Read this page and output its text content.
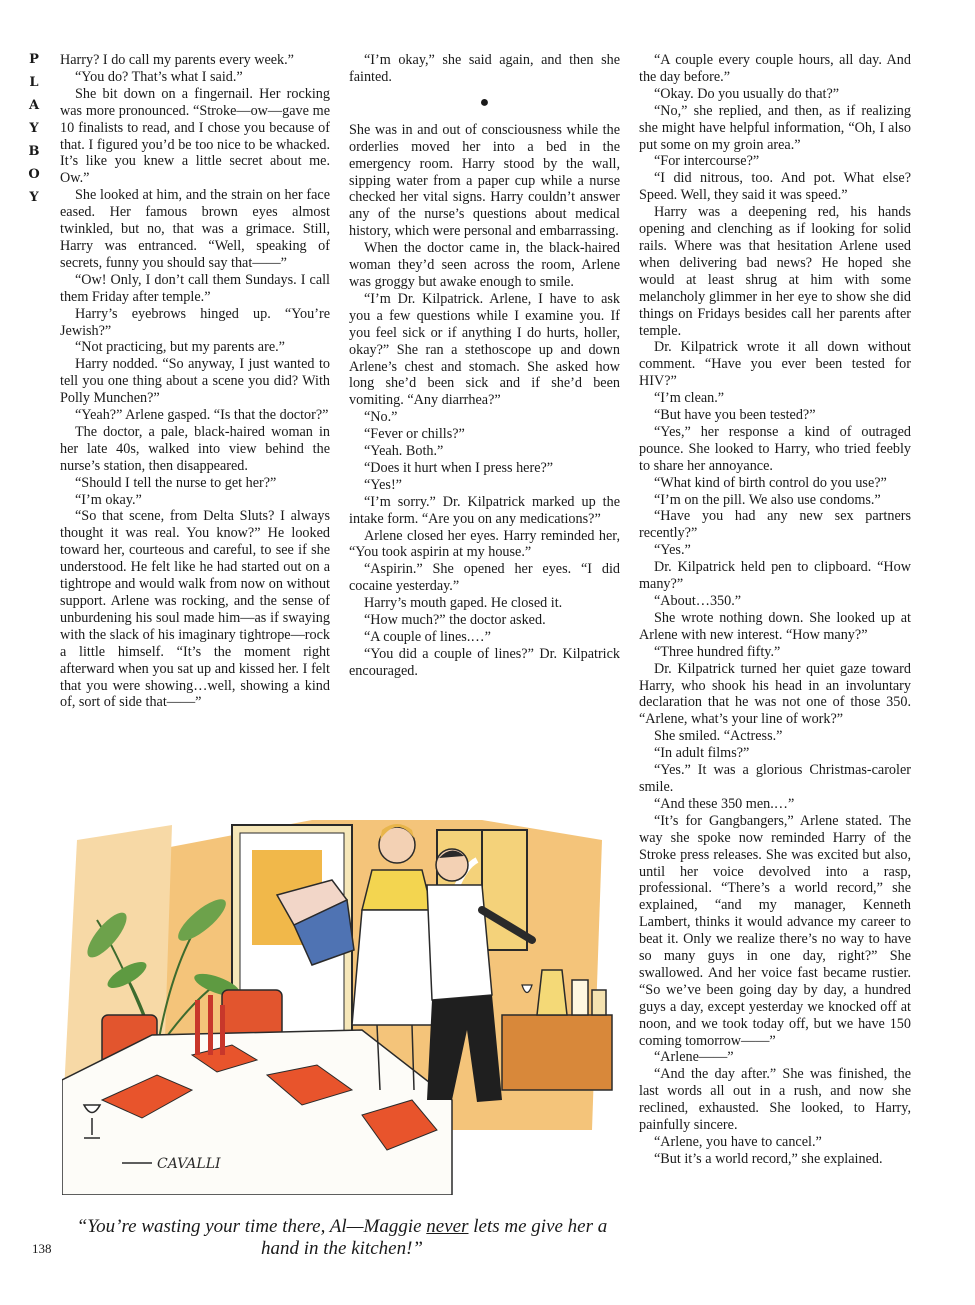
P
L
A
Y
B
O
Y

Harry? I do call my parents every week.”

“You do? That’s what I said.”

She bit down on a fingernail. Her rocking was more pronounced. “Stroke—ow—gave me 10 finalists to read, and I chose you because of that. I figured you’d be too nice to be whacked. It’s like you knew a little secret about me. Ow.”

She looked at him, and the strain on her face eased. Her famous brown eyes almost twinkled, but no, that was a grimace. Still, Harry was entranced. “Well, speaking of secrets, funny you should say that——”

“Ow! Only, I don’t call them Sundays. I call them Friday after temple.”

Harry’s eyebrows hinged up. “You’re Jewish?”

“Not practicing, but my parents are.”

Harry nodded. “So anyway, I just wanted to tell you one thing about a scene you did? With Polly Munchen?”

“Yeah?” Arlene gasped. “Is that the doctor?”

The doctor, a pale, black-haired woman in her late 40s, walked into view behind the nurse’s station, then disappeared.

“Should I tell the nurse to get her?”

“I’m okay.”

“So that scene, from Delta Sluts? I always thought it was real. You know?” He looked toward her, courteous and careful, to see if she understood. He felt like he had started out on a tightrope and would walk from now on without support. Arlene was rocking, and the sense of unburdening his soul made him—as if swaying with the slack of his imaginary tightrope—rock a little himself. “It’s the moment right afterward when you sat up and kissed her. I felt that you were showing…well, showing a kind of, sort of side that——”

“I’m okay,” she said again, and then she fainted.

●

She was in and out of consciousness while the orderlies moved her into a bed in the emergency room. Harry stood by the wall, sipping water from a paper cup while a nurse checked her vital signs. Harry couldn’t answer any of the nurse’s questions about medical history, which were personal and embarrassing.

When the doctor came in, the black-haired woman they’d seen across the room, Arlene was groggy but awake enough to smile.

“I’m Dr. Kilpatrick. Arlene, I have to ask you a few questions while I examine you. If you feel sick or if anything I do hurts, holler, okay?” She ran a stethoscope up and down Arlene’s chest and stomach. She asked how long she’d been sick and if she’d been vomiting. “Any diarrhea?”

“No.”

“Fever or chills?”

“Yeah. Both.”

“Does it hurt when I press here?”

“Yes!”

“I’m sorry.” Dr. Kilpatrick marked up the intake form. “Are you on any medications?”

Arlene closed her eyes. Harry reminded her, “You took aspirin at my house.”

“Aspirin.” She opened her eyes. “I did cocaine yesterday.”

Harry’s mouth gaped. He closed it.

“How much?” the doctor asked.

“A couple of lines.…”

“You did a couple of lines?” Dr. Kilpatrick encouraged.

“A couple every couple hours, all day. And the day before.”

“Okay. Do you usually do that?”

“No,” she replied, and then, as if realizing she might have helpful information, “Oh, I also put some on my groin area.”

“For intercourse?”

“I did nitrous, too. And pot. What else? Speed. Well, they said it was speed.”

Harry was a deepening red, his hands opening and clenching as if looking for solid rails. Where was that hesitation Arlene used when delivering bad news? He hoped she would at least shrug at him with some melancholy glimmer in her eye to show she did things on Fridays besides call her parents after temple.

Dr. Kilpatrick wrote it all down without comment. “Have you ever been tested for HIV?”

“I’m clean.”

“But have you been tested?”

“Yes,” her response a kind of outraged pounce. She looked to Harry, who tried feebly to share her annoyance.

“What kind of birth control do you use?”

“I’m on the pill. We also use condoms.”

“Have you had any new sex partners recently?”

“Yes.”

Dr. Kilpatrick held pen to clipboard. “How many?”

“About…350.”

She wrote nothing down. She looked up at Arlene with new interest. “How many?”

“Three hundred fifty.”

Dr. Kilpatrick turned her quiet gaze toward Harry, who shook his head in an involuntary declaration that he was not one of those 350. “Arlene, what’s your line of work?”

She smiled. “Actress.”

“In adult films?”

“Yes.” It was a glorious Christmas-caroler smile.

“And these 350 men.…”

“It’s for Gangbangers,” Arlene stated. The way she spoke now reminded Harry of the Stroke press releases. She was excited but also, until her voice devolved into a rasp, professional. “There’s a world record,” she explained, “and my manager, Kenneth Lambert, thinks it would advance my career to beat it. Only we realize there’s no way to have so many guys in one day, right?” She swallowed. And her voice fast became rustier. “So we’ve been going day by day, a hundred guys a day, except yesterday we knocked off at noon, and we took today off, but we have 150 coming tomorrow——”

“Arlene——”

“And the day after.” She was finished, the last words all out in a rush, and now she reclined, exhausted. She looked, to Harry, painfully sincere.

“Arlene, you have to cancel.”

“But it’s a world record,” she explained.

CAVALLI
“You’re wasting your time there, Al—Maggie never lets me give her a hand in the kitchen!”
138
